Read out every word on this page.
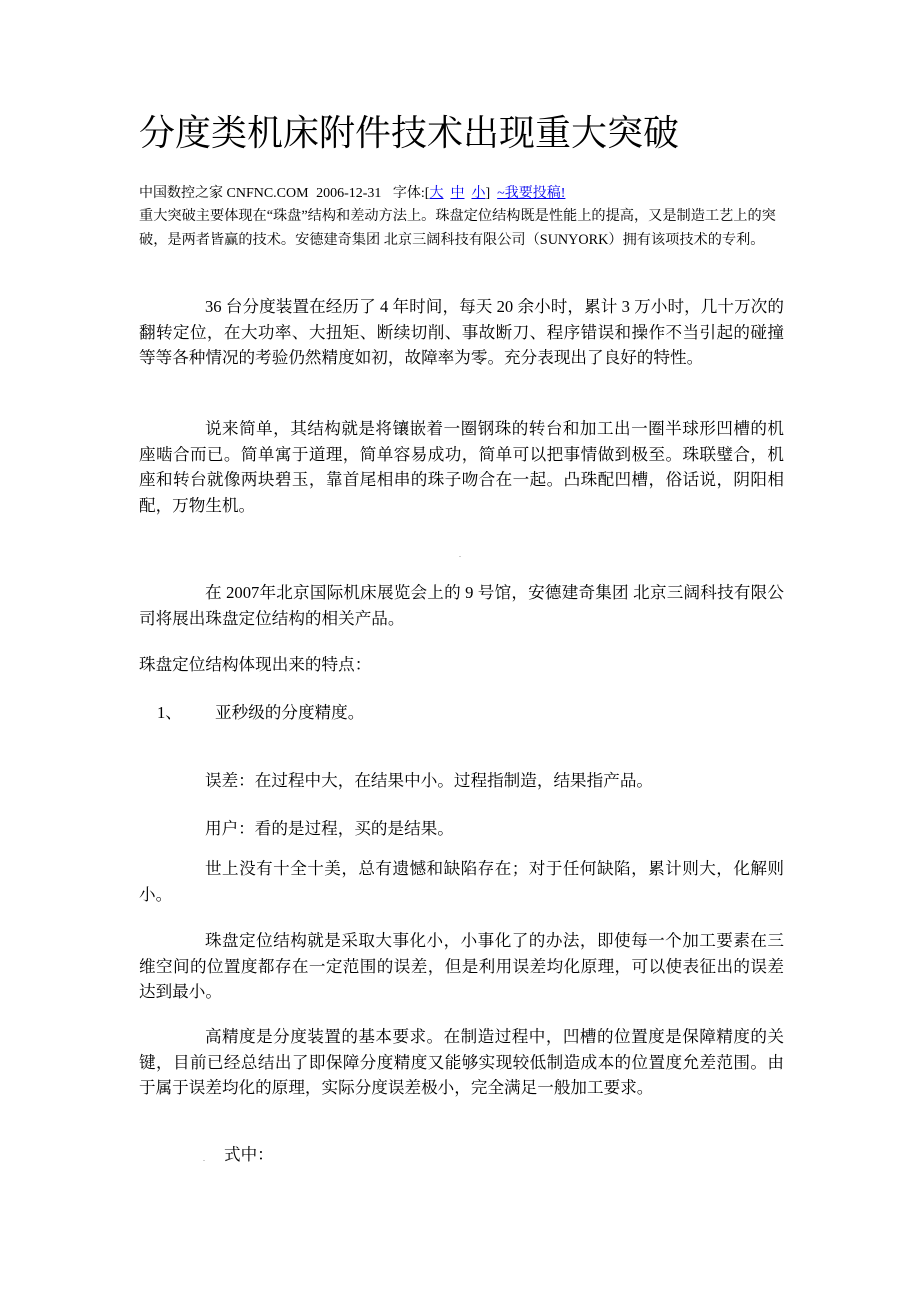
分度类机床附件技术出现重大突破
中国数控之家 CNFNC.COM 2006-12-31 字体:[大 中 小] ~我要投稿!

重大突破主要体现在“珠盘”结构和差动方法上。珠盘定位结构既是性能上的提高，又是制造工艺上的突破，是两者皆赢的技术。安德建奇集团 北京三阔科技有限公司（SUNYORK）拥有该项技术的专利。

36 台分度装置在经历了 4 年时间，每天 20 余小时，累计 3 万小时，几十万次的翻转定位，在大功率、大扭矩、断续切削、事故断刀、程序错误和操作不当引起的碰撞等等各种情况的考验仍然精度如初，故障率为零。充分表现出了良好的特性。

说来简单，其结构就是将镶嵌着一圈钢珠的转台和加工出一圈半球形凹槽的机座啮合而已。简单寓于道理，简单容易成功，简单可以把事情做到极至。珠联璧合，机座和转台就像两块碧玉，靠首尾相串的珠子吻合在一起。凸珠配凹槽，俗话说，阴阳相配，万物生机。

在 2007年北京国际机床展览会上的 9 号馆，安德建奇集团 北京三阔科技有限公司将展出珠盘定位结构的相关产品。

珠盘定位结构体现出来的特点：

1、 亚秒级的分度精度。

误差：在过程中大，在结果中小。过程指制造，结果指产品。

用户：看的是过程，买的是结果。

世上没有十全十美，总有遗憾和缺陷存在；对于任何缺陷，累计则大，化解则小。

珠盘定位结构就是采取大事化小，小事化了的办法，即使每一个加工要素在三维空间的位置度都存在一定范围的误差，但是利用误差均化原理，可以使表征出的误差达到最小。

高精度是分度装置的基本要求。在制造过程中，凹槽的位置度是保障精度的关键，目前已经总结出了即保障分度精度又能够实现较低制造成本的位置度允差范围。由于属于误差均化的原理，实际分度误差极小，完全满足一般加工要求。

式中：
